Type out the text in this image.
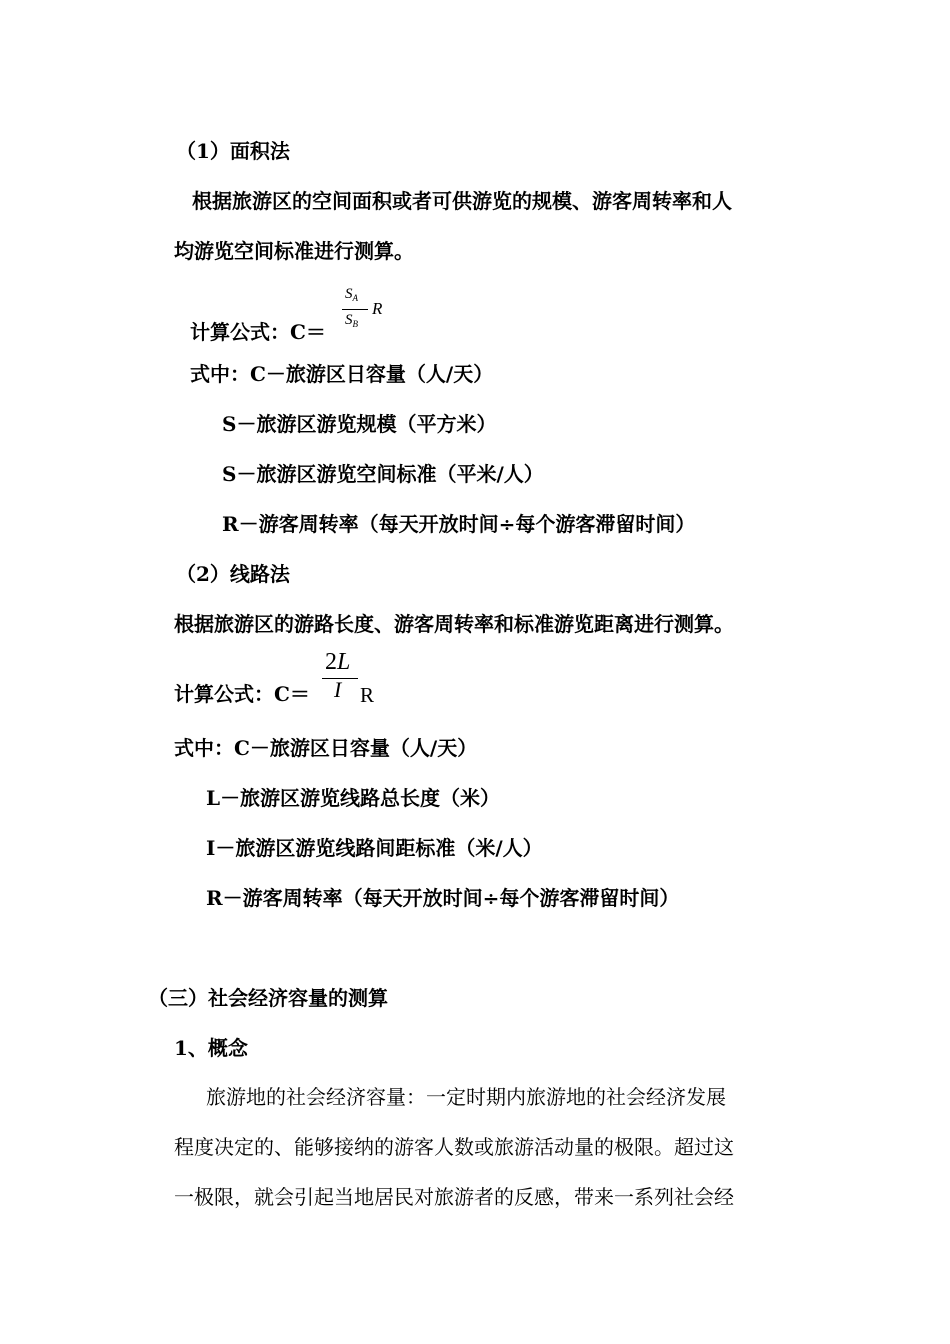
（1）面积法
根据旅游区的空间面积或者可供游览的规模、游客周转率和人
均游览空间标准进行测算。
计算公式：C＝
$S_A$
$S_B$
R
式中：C－旅游区日容量（人/天）
S－旅游区游览规模（平方米）
S－旅游区游览空间标准（平米/人）
R－游客周转率（每天开放时间÷每个游客滞留时间）
（2）线路法
根据旅游区的游路长度、游客周转率和标准游览距离进行测算。
计算公式：C＝
2L
I R
式中：C－旅游区日容量（人/天）
L－旅游区游览线路总长度（米）
I－旅游区游览线路间距标准（米/人）
R－游客周转率（每天开放时间÷每个游客滞留时间）
（三）社会经济容量的测算
1、概念
旅游地的社会经济容量：一定时期内旅游地的社会经济发展
程度决定的、能够接纳的游客人数或旅游活动量的极限。超过这
一极限，就会引起当地居民对旅游者的反感，带来一系列社会经
